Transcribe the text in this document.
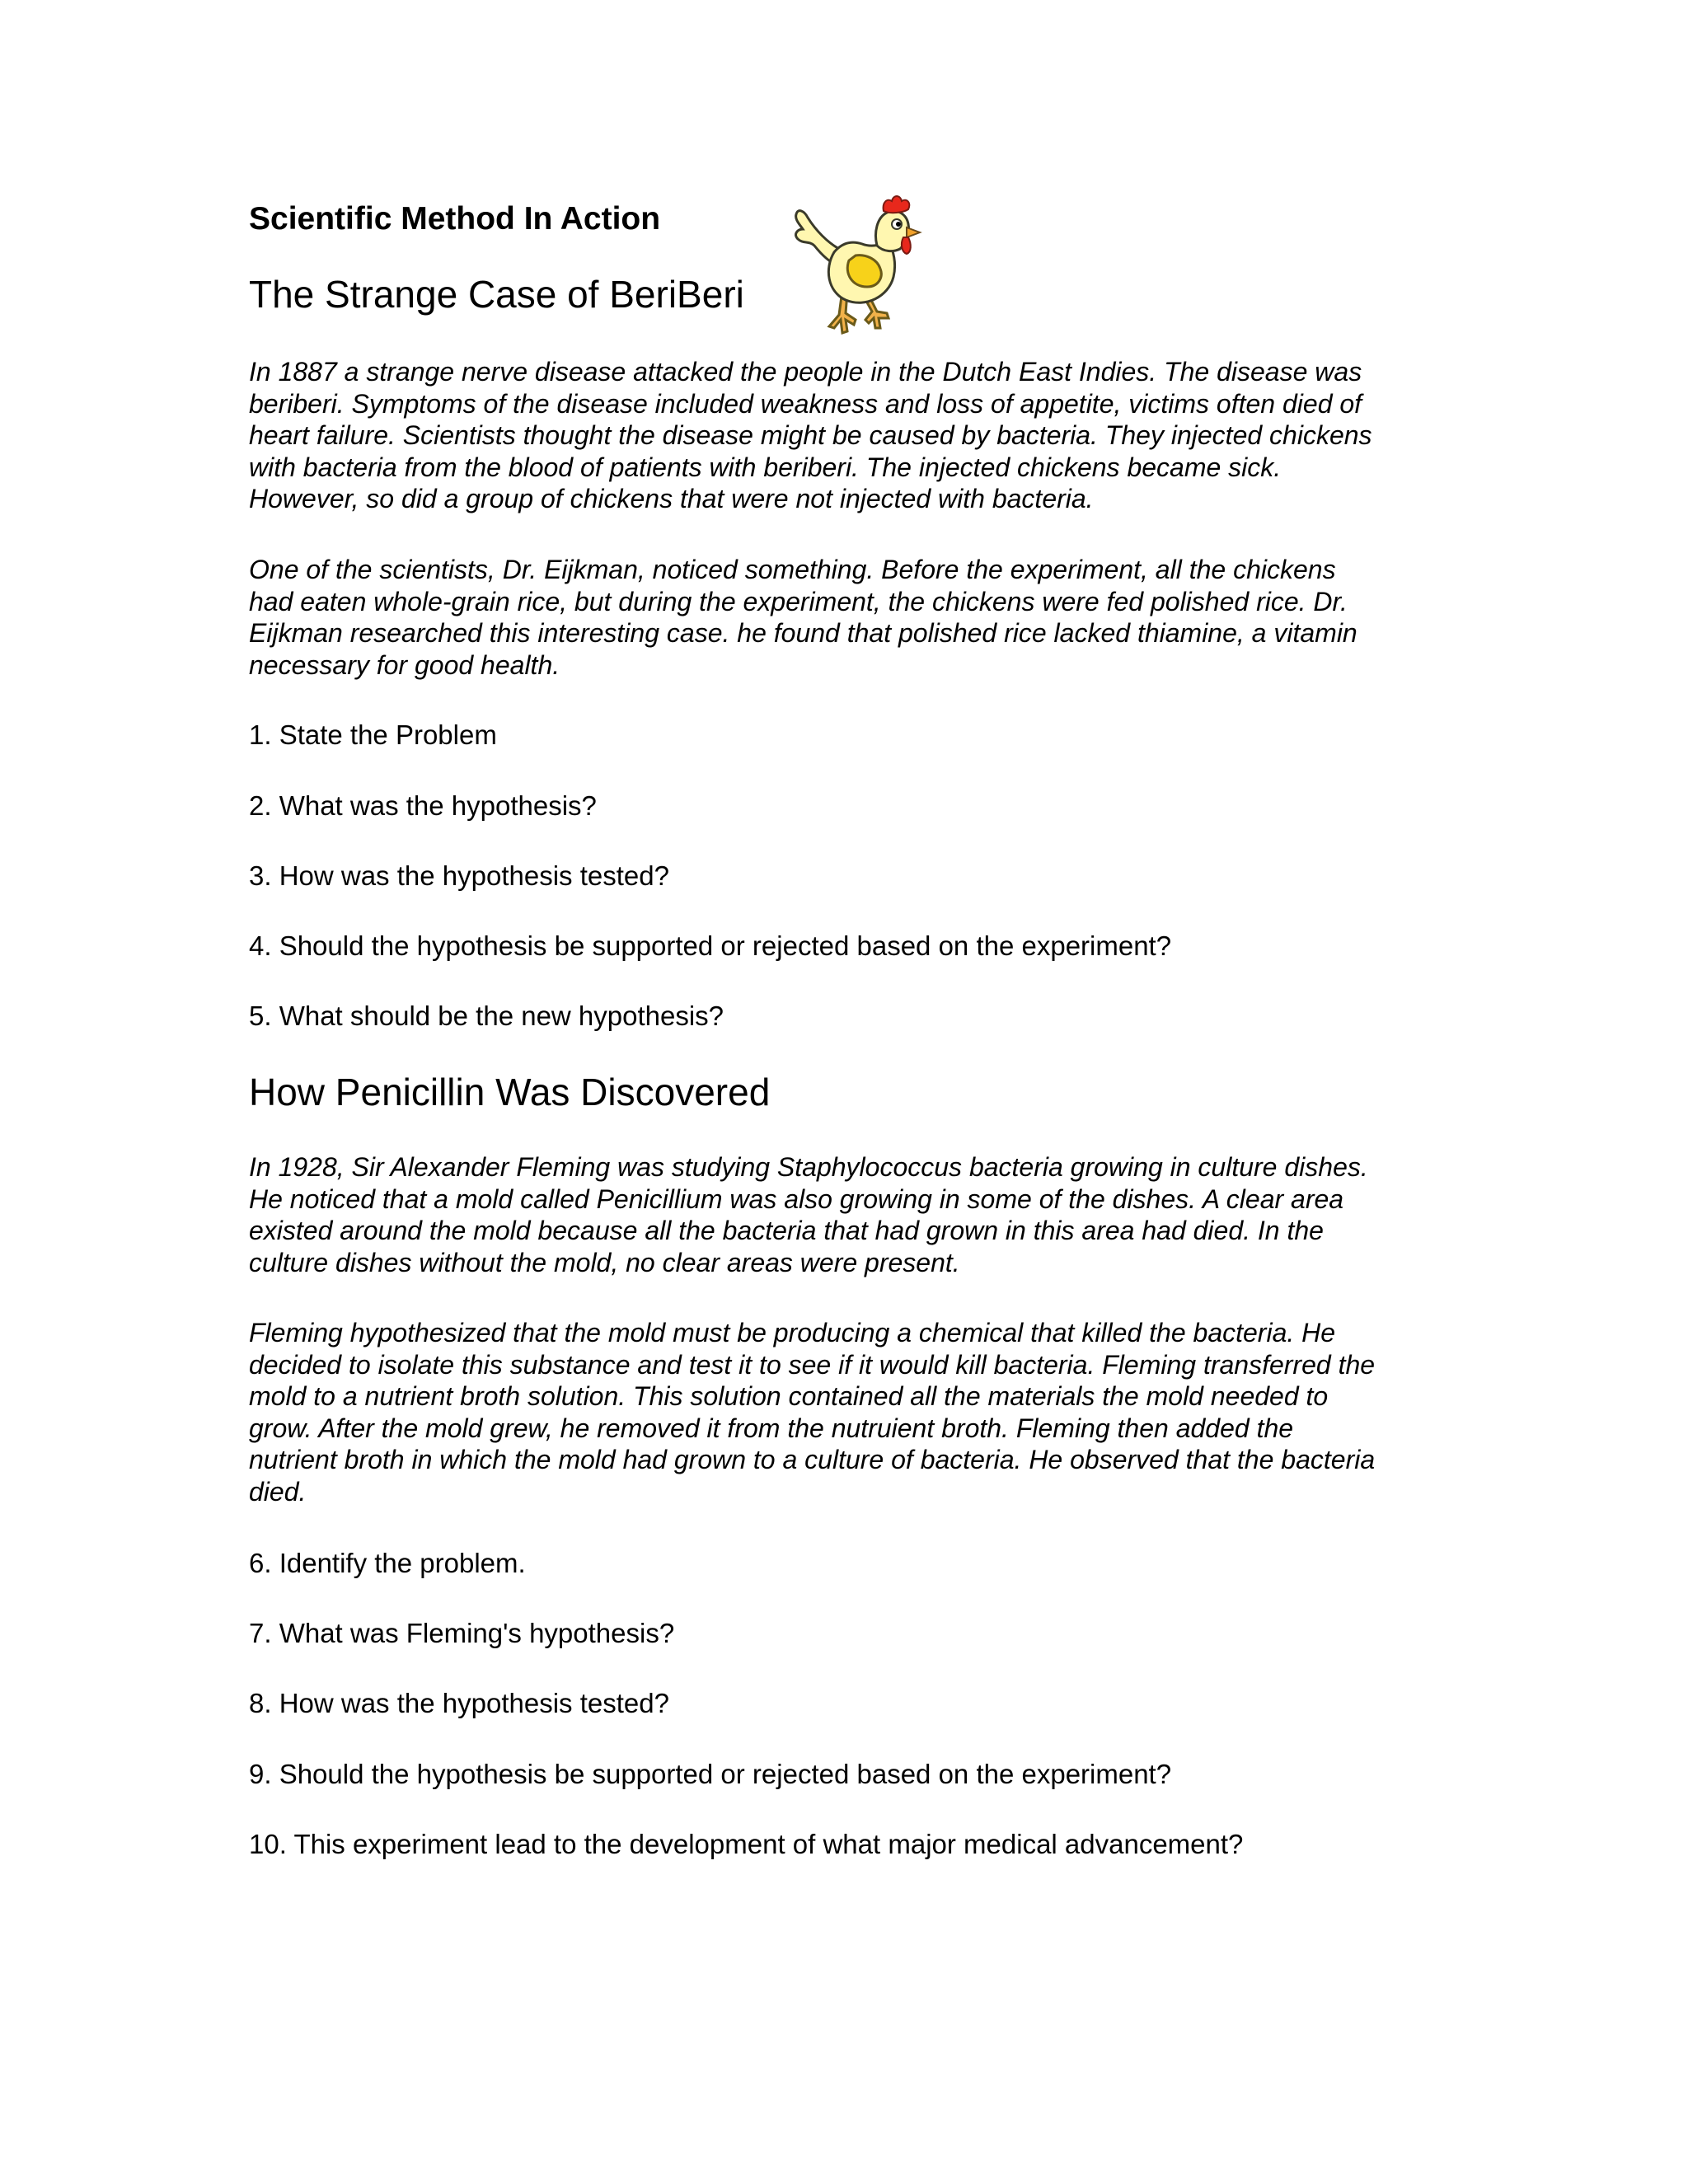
Scientific Method In Action
The Strange Case of BeriBeri
In 1887 a strange nerve disease attacked the people in the Dutch East Indies. The disease was
beriberi. Symptoms of the disease included weakness and loss of appetite, victims often died of
heart failure. Scientists thought the disease might be caused by bacteria. They injected chickens
with bacteria from the blood of patients with beriberi. The injected chickens became sick.
However, so did a group of chickens that were not injected with bacteria.
One of the scientists, Dr. Eijkman, noticed something. Before the experiment, all the chickens
had eaten whole-grain rice, but during the experiment, the chickens were fed polished rice. Dr.
Eijkman researched this interesting case. he found that polished rice lacked thiamine, a vitamin
necessary for good health.
1. State the Problem
2. What was the hypothesis?
3. How was the hypothesis tested?
4. Should the hypothesis be supported or rejected based on the experiment?
5. What should be the new hypothesis?
How Penicillin Was Discovered
In 1928, Sir Alexander Fleming was studying Staphylococcus bacteria growing in culture dishes.
He noticed that a mold called Penicillium was also growing in some of the dishes. A clear area
existed around the mold because all the bacteria that had grown in this area had died. In the
culture dishes without the mold, no clear areas were present.
Fleming hypothesized that the mold must be producing a chemical that killed the bacteria. He
decided to isolate this substance and test it to see if it would kill bacteria. Fleming transferred the
mold to a nutrient broth solution. This solution contained all the materials the mold needed to
grow. After the mold grew, he removed it from the nutruient broth. Fleming then added the
nutrient broth in which the mold had grown to a culture of bacteria. He observed that the bacteria
died.
6. Identify the problem.
7. What was Fleming's hypothesis?
8. How was the hypothesis tested?
9. Should the hypothesis be supported or rejected based on the experiment?
10. This experiment lead to the development of what major medical advancement?
